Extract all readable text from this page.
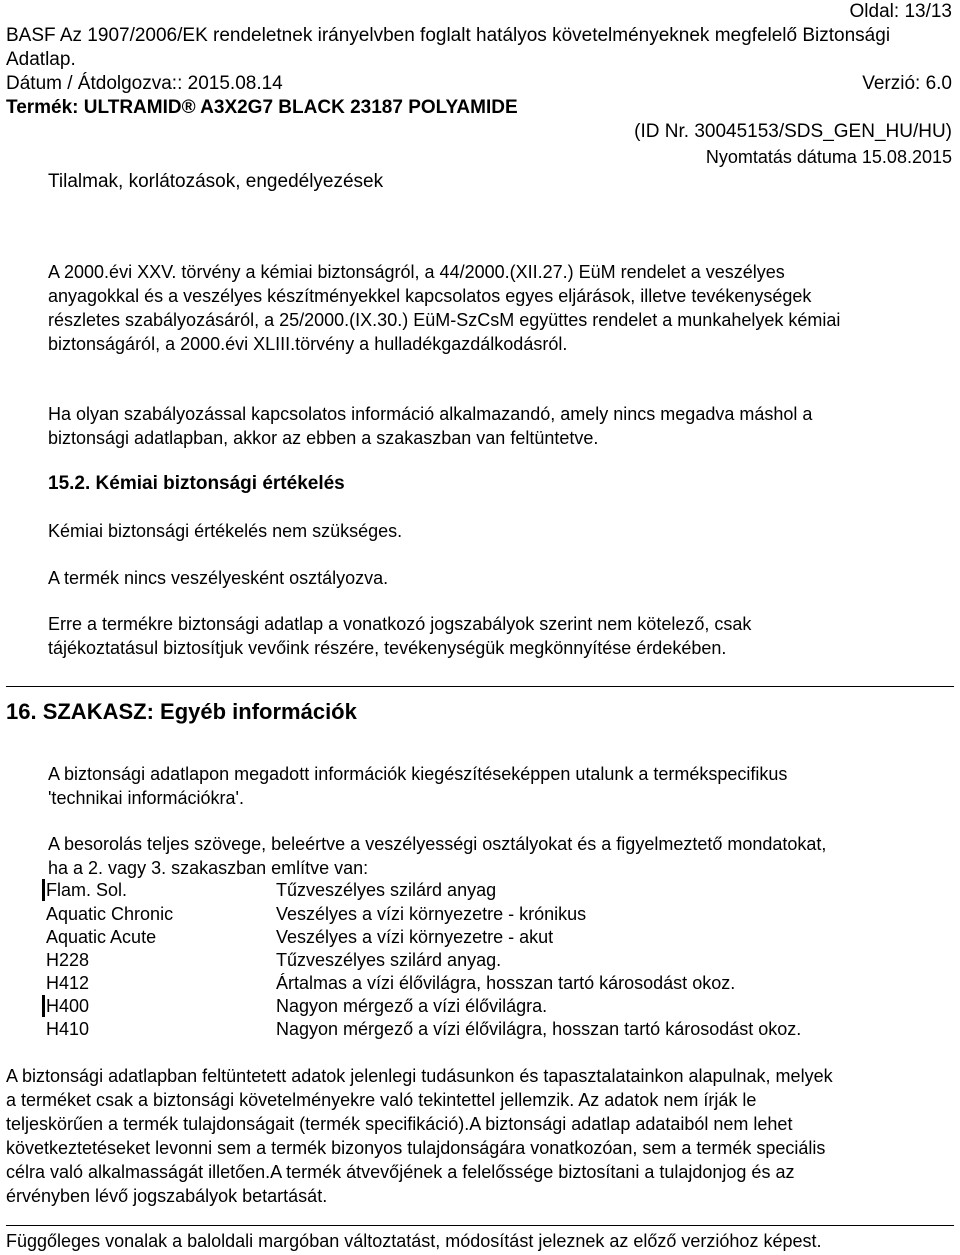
Oldal: 13/13
BASF Az 1907/2006/EK rendeletnek irányelvben foglalt hatályos követelményeknek megfelelő Biztonsági
Adatlap.
Dátum / Átdolgozva:: 2015.08.14	Verzió: 6.0
Termék: ULTRAMID® A3X2G7 BLACK 23187 POLYAMIDE
(ID Nr. 30045153/SDS_GEN_HU/HU)
Nyomtatás dátuma 15.08.2015
Tilalmak, korlátozások, engedélyezések
A 2000.évi XXV. törvény a kémiai biztonságról, a 44/2000.(XII.27.) EüM rendelet a veszélyes
anyagokkal és a veszélyes készítményekkel kapcsolatos egyes eljárások, illetve tevékenységek
részletes szabályozásáról, a 25/2000.(IX.30.) EüM-SzCsM együttes rendelet a munkahelyek kémiai
biztonságáról, a 2000.évi XLIII.törvény a hulladékgazdálkodásról.
Ha olyan szabályozással kapcsolatos információ alkalmazandó, amely nincs megadva máshol a
biztonsági adatlapban, akkor az ebben a szakaszban van feltüntetve.
15.2. Kémiai biztonsági értékelés
Kémiai biztonsági értékelés nem szükséges.
A termék nincs veszélyesként osztályozva.
Erre a termékre biztonsági adatlap a vonatkozó jogszabályok szerint nem kötelező, csak
tájékoztatásul biztosítjuk vevőink részére, tevékenységük megkönnyítése érdekében.
16. SZAKASZ: Egyéb információk
A biztonsági adatlapon megadott információk kiegészítéseképpen utalunk a termékspecifikus
'technikai információkra'.
A besorolás teljes szövege, beleértve a veszélyességi osztályokat és a figyelmeztető mondatokat,
ha a 2. vagy 3. szakaszban említve van:
Flam. Sol.	Tűzveszélyes szilárd anyag
Aquatic Chronic	Veszélyes a vízi környezetre - krónikus
Aquatic Acute	Veszélyes a vízi környezetre - akut
H228	Tűzveszélyes szilárd anyag.
H412	Ártalmas a vízi élővilágra, hosszan tartó károsodást okoz.
H400	Nagyon mérgező a vízi élővilágra.
H410	Nagyon mérgező a vízi élővilágra, hosszan tartó károsodást okoz.
A biztonsági adatlapban feltüntetett adatok jelenlegi tudásunkon és tapasztalatainkon alapulnak, melyek
a terméket csak a biztonsági követelményekre való tekintettel jellemzik. Az adatok nem írják le
teljeskörűen a termék tulajdonságait (termék specifikáció).A biztonsági adatlap adataiból nem lehet
következtetéseket levonni sem a termék bizonyos tulajdonságára vonatkozóan, sem a termék speciális
célra való alkalmasságát illetően.A termék átvevőjének a felelőssége biztosítani a tulajdonjog és az
érvényben lévő jogszabályok betartását.
Függőleges vonalak a baloldali margóban változtatást, módosítást jeleznek az előző verzióhoz képest.
